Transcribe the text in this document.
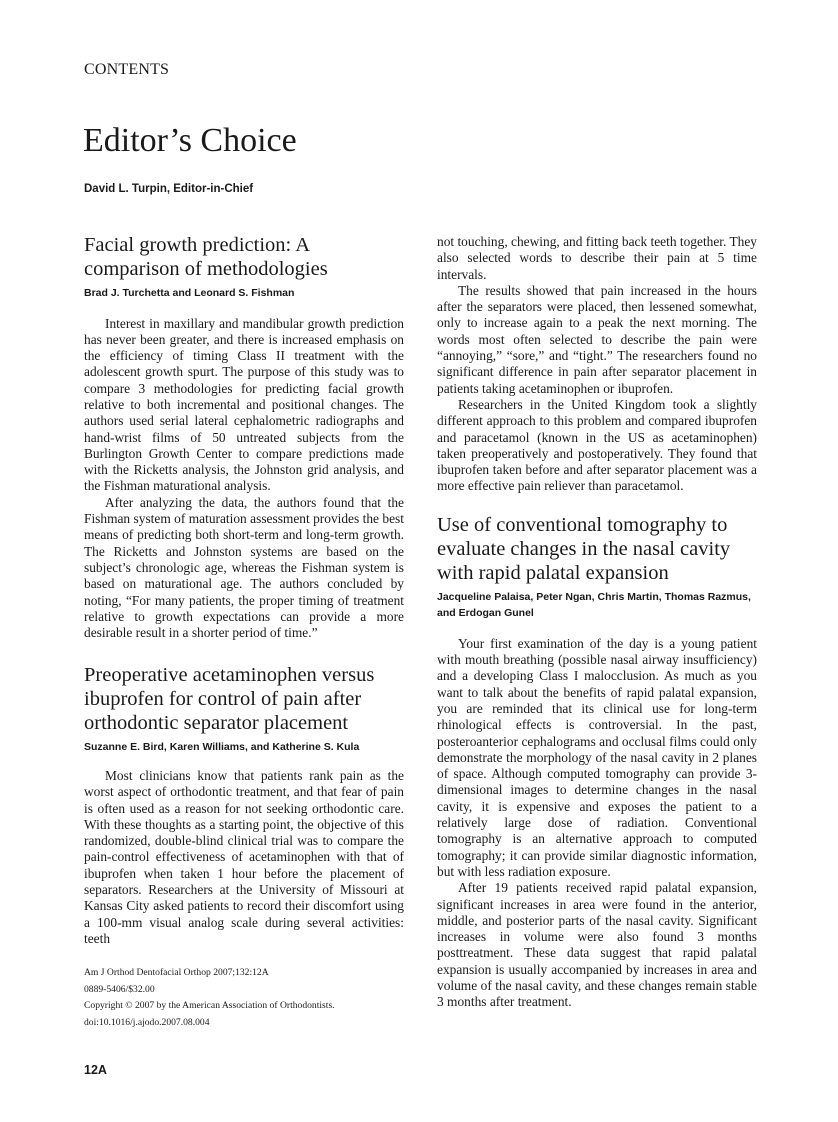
CONTENTS
Editor’s Choice
David L. Turpin, Editor-in-Chief
Facial growth prediction: A comparison of methodologies
Brad J. Turchetta and Leonard S. Fishman

Interest in maxillary and mandibular growth prediction has never been greater, and there is increased emphasis on the efficiency of timing Class II treatment with the adolescent growth spurt. The purpose of this study was to compare 3 methodologies for predicting facial growth relative to both incremental and positional changes. The authors used serial lateral cephalometric radiographs and hand-wrist films of 50 untreated subjects from the Burlington Growth Center to compare predictions made with the Ricketts analysis, the Johnston grid analysis, and the Fishman maturational analysis.

After analyzing the data, the authors found that the Fishman system of maturation assessment provides the best means of predicting both short-term and long-term growth. The Ricketts and Johnston systems are based on the subject’s chronologic age, whereas the Fishman system is based on maturational age. The authors concluded by noting, “For many patients, the proper timing of treatment relative to growth expectations can provide a more desirable result in a shorter period of time.”

Preoperative acetaminophen versus ibuprofen for control of pain after orthodontic separator placement
Suzanne E. Bird, Karen Williams, and Katherine S. Kula

Most clinicians know that patients rank pain as the worst aspect of orthodontic treatment, and that fear of pain is often used as a reason for not seeking orthodontic care. With these thoughts as a starting point, the objective of this randomized, double-blind clinical trial was to compare the pain-control effectiveness of acetaminophen with that of ibuprofen when taken 1 hour before the placement of separators. Researchers at the University of Missouri at Kansas City asked patients to record their discomfort using a 100-mm visual analog scale during several activities: teeth

Am J Orthod Dentofacial Orthop 2007;132:12A
0889-5406/$32.00
Copyright © 2007 by the American Association of Orthodontists.
doi:10.1016/j.ajodo.2007.08.004
12A

not touching, chewing, and fitting back teeth together. They also selected words to describe their pain at 5 time intervals.

The results showed that pain increased in the hours after the separators were placed, then lessened somewhat, only to increase again to a peak the next morning. The words most often selected to describe the pain were “annoying,” “sore,” and “tight.” The researchers found no significant difference in pain after separator placement in patients taking acetaminophen or ibuprofen.

Researchers in the United Kingdom took a slightly different approach to this problem and compared ibuprofen and paracetamol (known in the US as acetaminophen) taken preoperatively and postoperatively. They found that ibuprofen taken before and after separator placement was a more effective pain reliever than paracetamol.

Use of conventional tomography to evaluate changes in the nasal cavity with rapid palatal expansion
Jacqueline Palaisa, Peter Ngan, Chris Martin, Thomas Razmus, and Erdogan Gunel

Your first examination of the day is a young patient with mouth breathing (possible nasal airway insufficiency) and a developing Class I malocclusion. As much as you want to talk about the benefits of rapid palatal expansion, you are reminded that its clinical use for long-term rhinological effects is controversial. In the past, posteroanterior cephalograms and occlusal films could only demonstrate the morphology of the nasal cavity in 2 planes of space. Although computed tomography can provide 3-dimensional images to determine changes in the nasal cavity, it is expensive and exposes the patient to a relatively large dose of radiation. Conventional tomography is an alternative approach to computed tomography; it can provide similar diagnostic information, but with less radiation exposure.

After 19 patients received rapid palatal expansion, significant increases in area were found in the anterior, middle, and posterior parts of the nasal cavity. Significant increases in volume were also found 3 months posttreatment. These data suggest that rapid palatal expansion is usually accompanied by increases in area and volume of the nasal cavity, and these changes remain stable 3 months after treatment.
